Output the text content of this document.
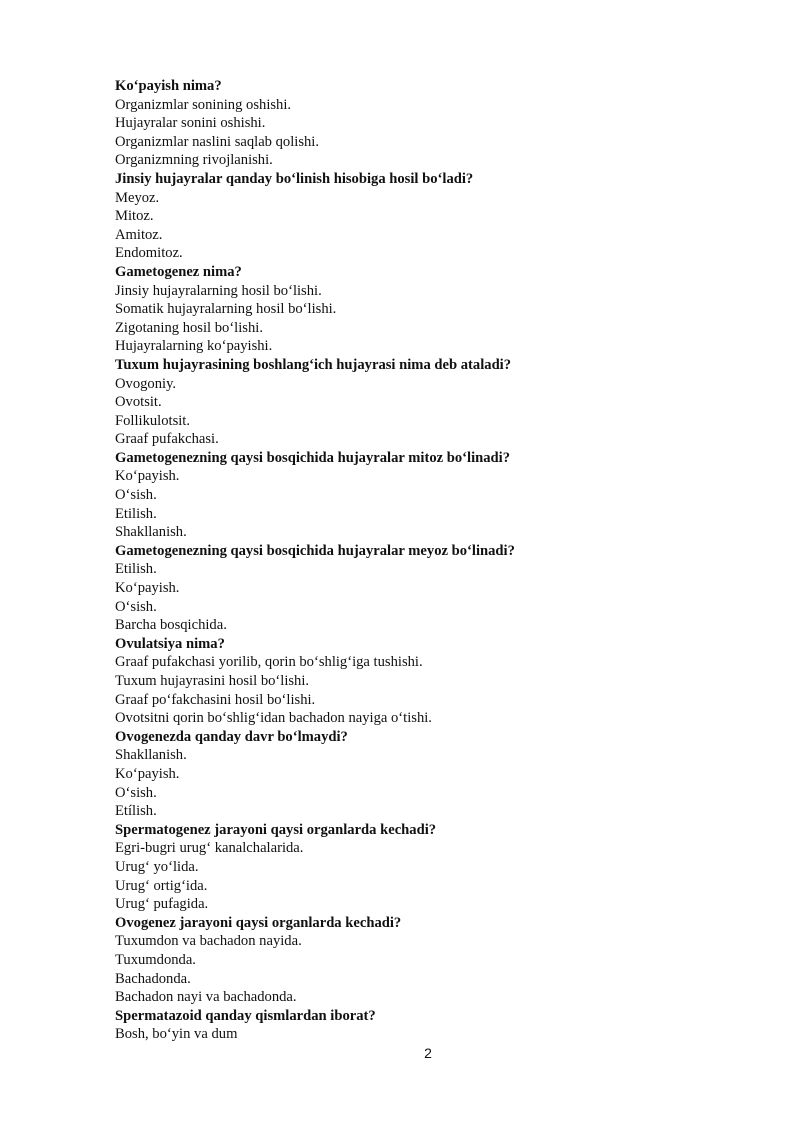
Koʻpayish nima?
Organizmlar sonining oshishi.
Hujayralar sonini oshishi.
Organizmlar naslini saqlab qolishi.
Organizmning rivojlanishi.
Jinsiy hujayralar qanday boʻlinish hisobiga hosil boʻladi?
Meyoz.
Mitoz.
Amitoz.
Endomitoz.
Gametogenez nima?
Jinsiy hujayralarning hosil boʻlishi.
Somatik hujayralarning hosil boʻlishi.
Zigotaning hosil boʻlishi.
Hujayralarning koʻpayishi.
Tuxum hujayrasining boshlangʻich hujayrasi nima deb ataladi?
Ovogoniy.
Ovotsit.
Follikulotsit.
Graaf pufakchasi.
Gametogenezning qaysi bosqichida hujayralar mitoz boʻlinadi?
Koʻpayish.
Oʻsish.
Etilish.
Shakllanish.
Gametogenezning qaysi bosqichida hujayralar meyoz boʻlinadi?
Etilish.
Koʻpayish.
Oʻsish.
Barcha bosqichida.
Ovulatsiya nima?
Graaf pufakchasi yorilib, qorin boʻshligʻiga tushishi.
Tuxum hujayrasini hosil boʻlishi.
Graaf poʻfakchasini hosil boʻlishi.
Ovotsitni qorin boʻshligʻidan bachadon nayiga oʻtishi.
Ovogenezda qanday davr boʻlmaydi?
Shakllanish.
Koʻpayish.
Oʻsish.
Etílish.
Spermatogenez jarayoni qaysi organlarda kechadi?
Egri-bugri urugʻ kanalchalarida.
Urugʻ yoʻlida.
Urugʻ ortigʻida.
Urugʻ pufagida.
Ovogenez jarayoni qaysi organlarda kechadi?
Tuxumdon va bachadon nayida.
Tuxumdonda.
Bachadonda.
Bachadon nayi va bachadonda.
Spermatazoid qanday qismlardan iborat?
Bosh, boʻyin va dum
2
